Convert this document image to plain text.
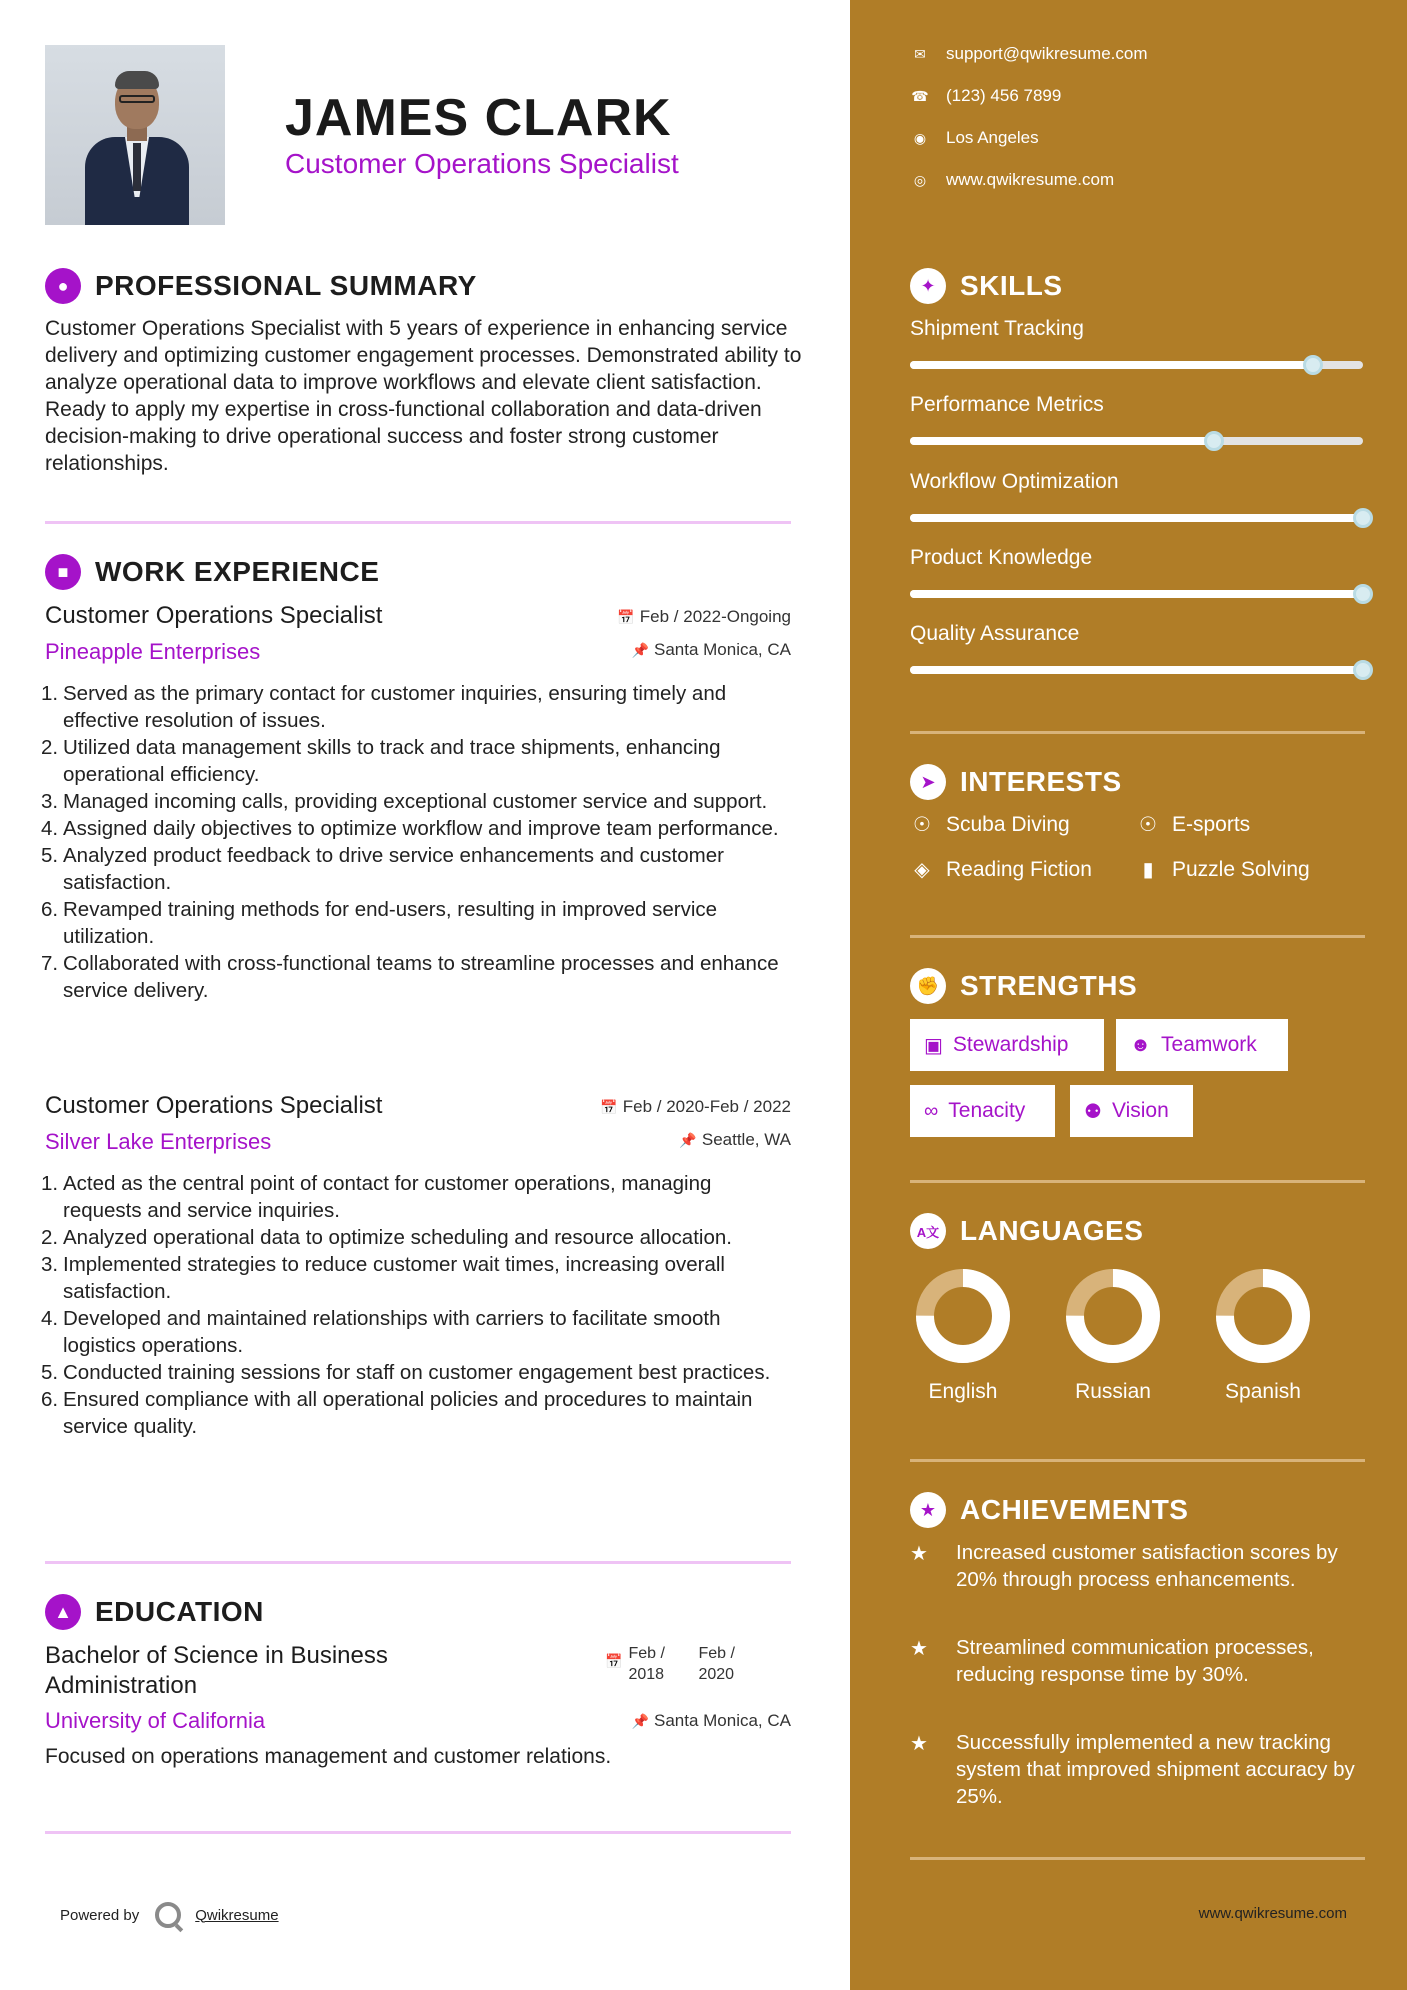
JAMES CLARK
Customer Operations Specialist
● PROFESSIONAL SUMMARY
Customer Operations Specialist with 5 years of experience in enhancing service delivery and optimizing customer engagement processes. Demonstrated ability to analyze operational data to improve workflows and elevate client satisfaction. Ready to apply my expertise in cross-functional collaboration and data-driven decision-making to drive operational success and foster strong customer relationships.
■ WORK EXPERIENCE
Customer Operations Specialist
Pineapple Enterprises
📅 Feb / 2022-Ongoing
📌 Santa Monica, CA
1. Served as the primary contact for customer inquiries, ensuring timely and effective resolution of issues.
2. Utilized data management skills to track and trace shipments, enhancing operational efficiency.
3. Managed incoming calls, providing exceptional customer service and support.
4. Assigned daily objectives to optimize workflow and improve team performance.
5. Analyzed product feedback to drive service enhancements and customer satisfaction.
6. Revamped training methods for end-users, resulting in improved service utilization.
7. Collaborated with cross-functional teams to streamline processes and enhance service delivery.
Customer Operations Specialist
Silver Lake Enterprises
📅 Feb / 2020-Feb / 2022
📌 Seattle, WA
1. Acted as the central point of contact for customer operations, managing requests and service inquiries.
2. Analyzed operational data to optimize scheduling and resource allocation.
3. Implemented strategies to reduce customer wait times, increasing overall satisfaction.
4. Developed and maintained relationships with carriers to facilitate smooth logistics operations.
5. Conducted training sessions for staff on customer engagement best practices.
6. Ensured compliance with all operational policies and procedures to maintain service quality.
▲ EDUCATION
Bachelor of Science in Business Administration
📅 Feb / 2018
Feb / 2020
University of California	📌 Santa Monica, CA
Focused on operations management and customer relations.
Powered by	Qwikresume
✉ support@qwikresume.com
☎ (123) 456 7899
◉ Los Angeles
◎ www.qwikresume.com
✦ SKILLS
Shipment Tracking
Performance Metrics
Workflow Optimization
Product Knowledge
Quality Assurance
➤ INTERESTS
☉ Scuba Diving	☉ E-sports
◈ Reading Fiction	▮ Puzzle Solving
✊ STRENGTHS
▣ Stewardship	☻ Teamwork
∞ Tenacity	⚉ Vision
A文 LANGUAGES
English	Russian	Spanish
★ ACHIEVEMENTS
★	Increased customer satisfaction scores by 20% through process enhancements.
★	Streamlined communication processes, reducing response time by 30%.
★	Successfully implemented a new tracking system that improved shipment accuracy by 25%.
www.qwikresume.com
